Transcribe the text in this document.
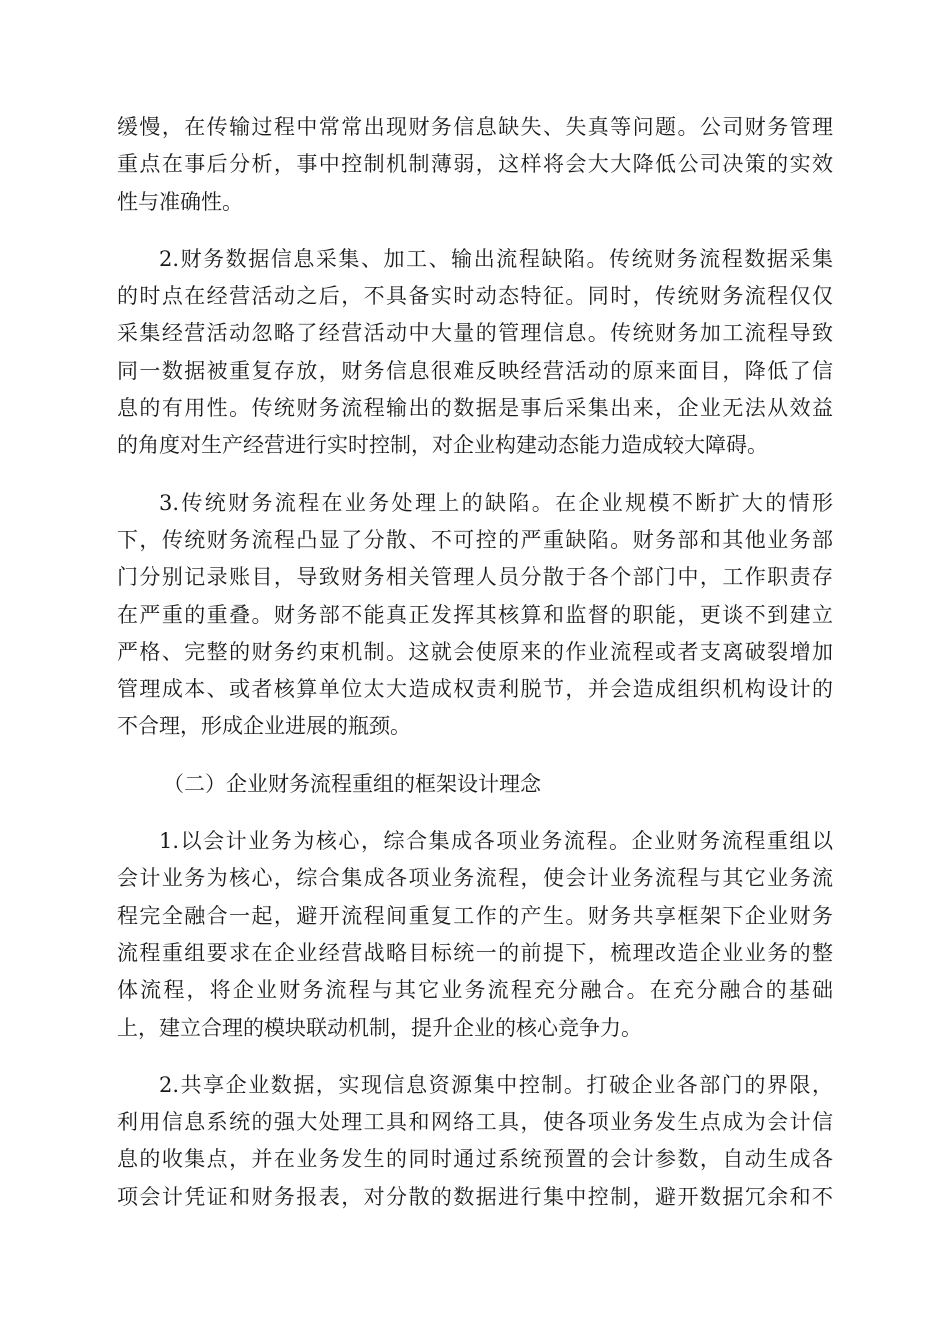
缓慢，在传输过程中常常出现财务信息缺失、失真等问题。公司财务管理
重点在事后分析，事中控制机制薄弱，这样将会大大降低公司决策的实效
性与准确性。

2.财务数据信息采集、加工、输出流程缺陷。传统财务流程数据采集
的时点在经营活动之后，不具备实时动态特征。同时，传统财务流程仅仅
采集经营活动忽略了经营活动中大量的管理信息。传统财务加工流程导致
同一数据被重复存放，财务信息很难反映经营活动的原来面目，降低了信
息的有用性。传统财务流程输出的数据是事后采集出来，企业无法从效益
的角度对生产经营进行实时控制，对企业构建动态能力造成较大障碍。

3.传统财务流程在业务处理上的缺陷。在企业规模不断扩大的情形
下，传统财务流程凸显了分散、不可控的严重缺陷。财务部和其他业务部
门分别记录账目，导致财务相关管理人员分散于各个部门中，工作职责存
在严重的重叠。财务部不能真正发挥其核算和监督的职能，更谈不到建立
严格、完整的财务约束机制。这就会使原来的作业流程或者支离破裂增加
管理成本、或者核算单位太大造成权责利脱节，并会造成组织机构设计的
不合理，形成企业进展的瓶颈。

（二）企业财务流程重组的框架设计理念

1.以会计业务为核心，综合集成各项业务流程。企业财务流程重组以
会计业务为核心，综合集成各项业务流程，使会计业务流程与其它业务流
程完全融合一起，避开流程间重复工作的产生。财务共享框架下企业财务
流程重组要求在企业经营战略目标统一的前提下，梳理改造企业业务的整
体流程，将企业财务流程与其它业务流程充分融合。在充分融合的基础
上，建立合理的模块联动机制，提升企业的核心竞争力。

2.共享企业数据，实现信息资源集中控制。打破企业各部门的界限，
利用信息系统的强大处理工具和网络工具，使各项业务发生点成为会计信
息的收集点，并在业务发生的同时通过系统预置的会计参数，自动生成各
项会计凭证和财务报表，对分散的数据进行集中控制，避开数据冗余和不
